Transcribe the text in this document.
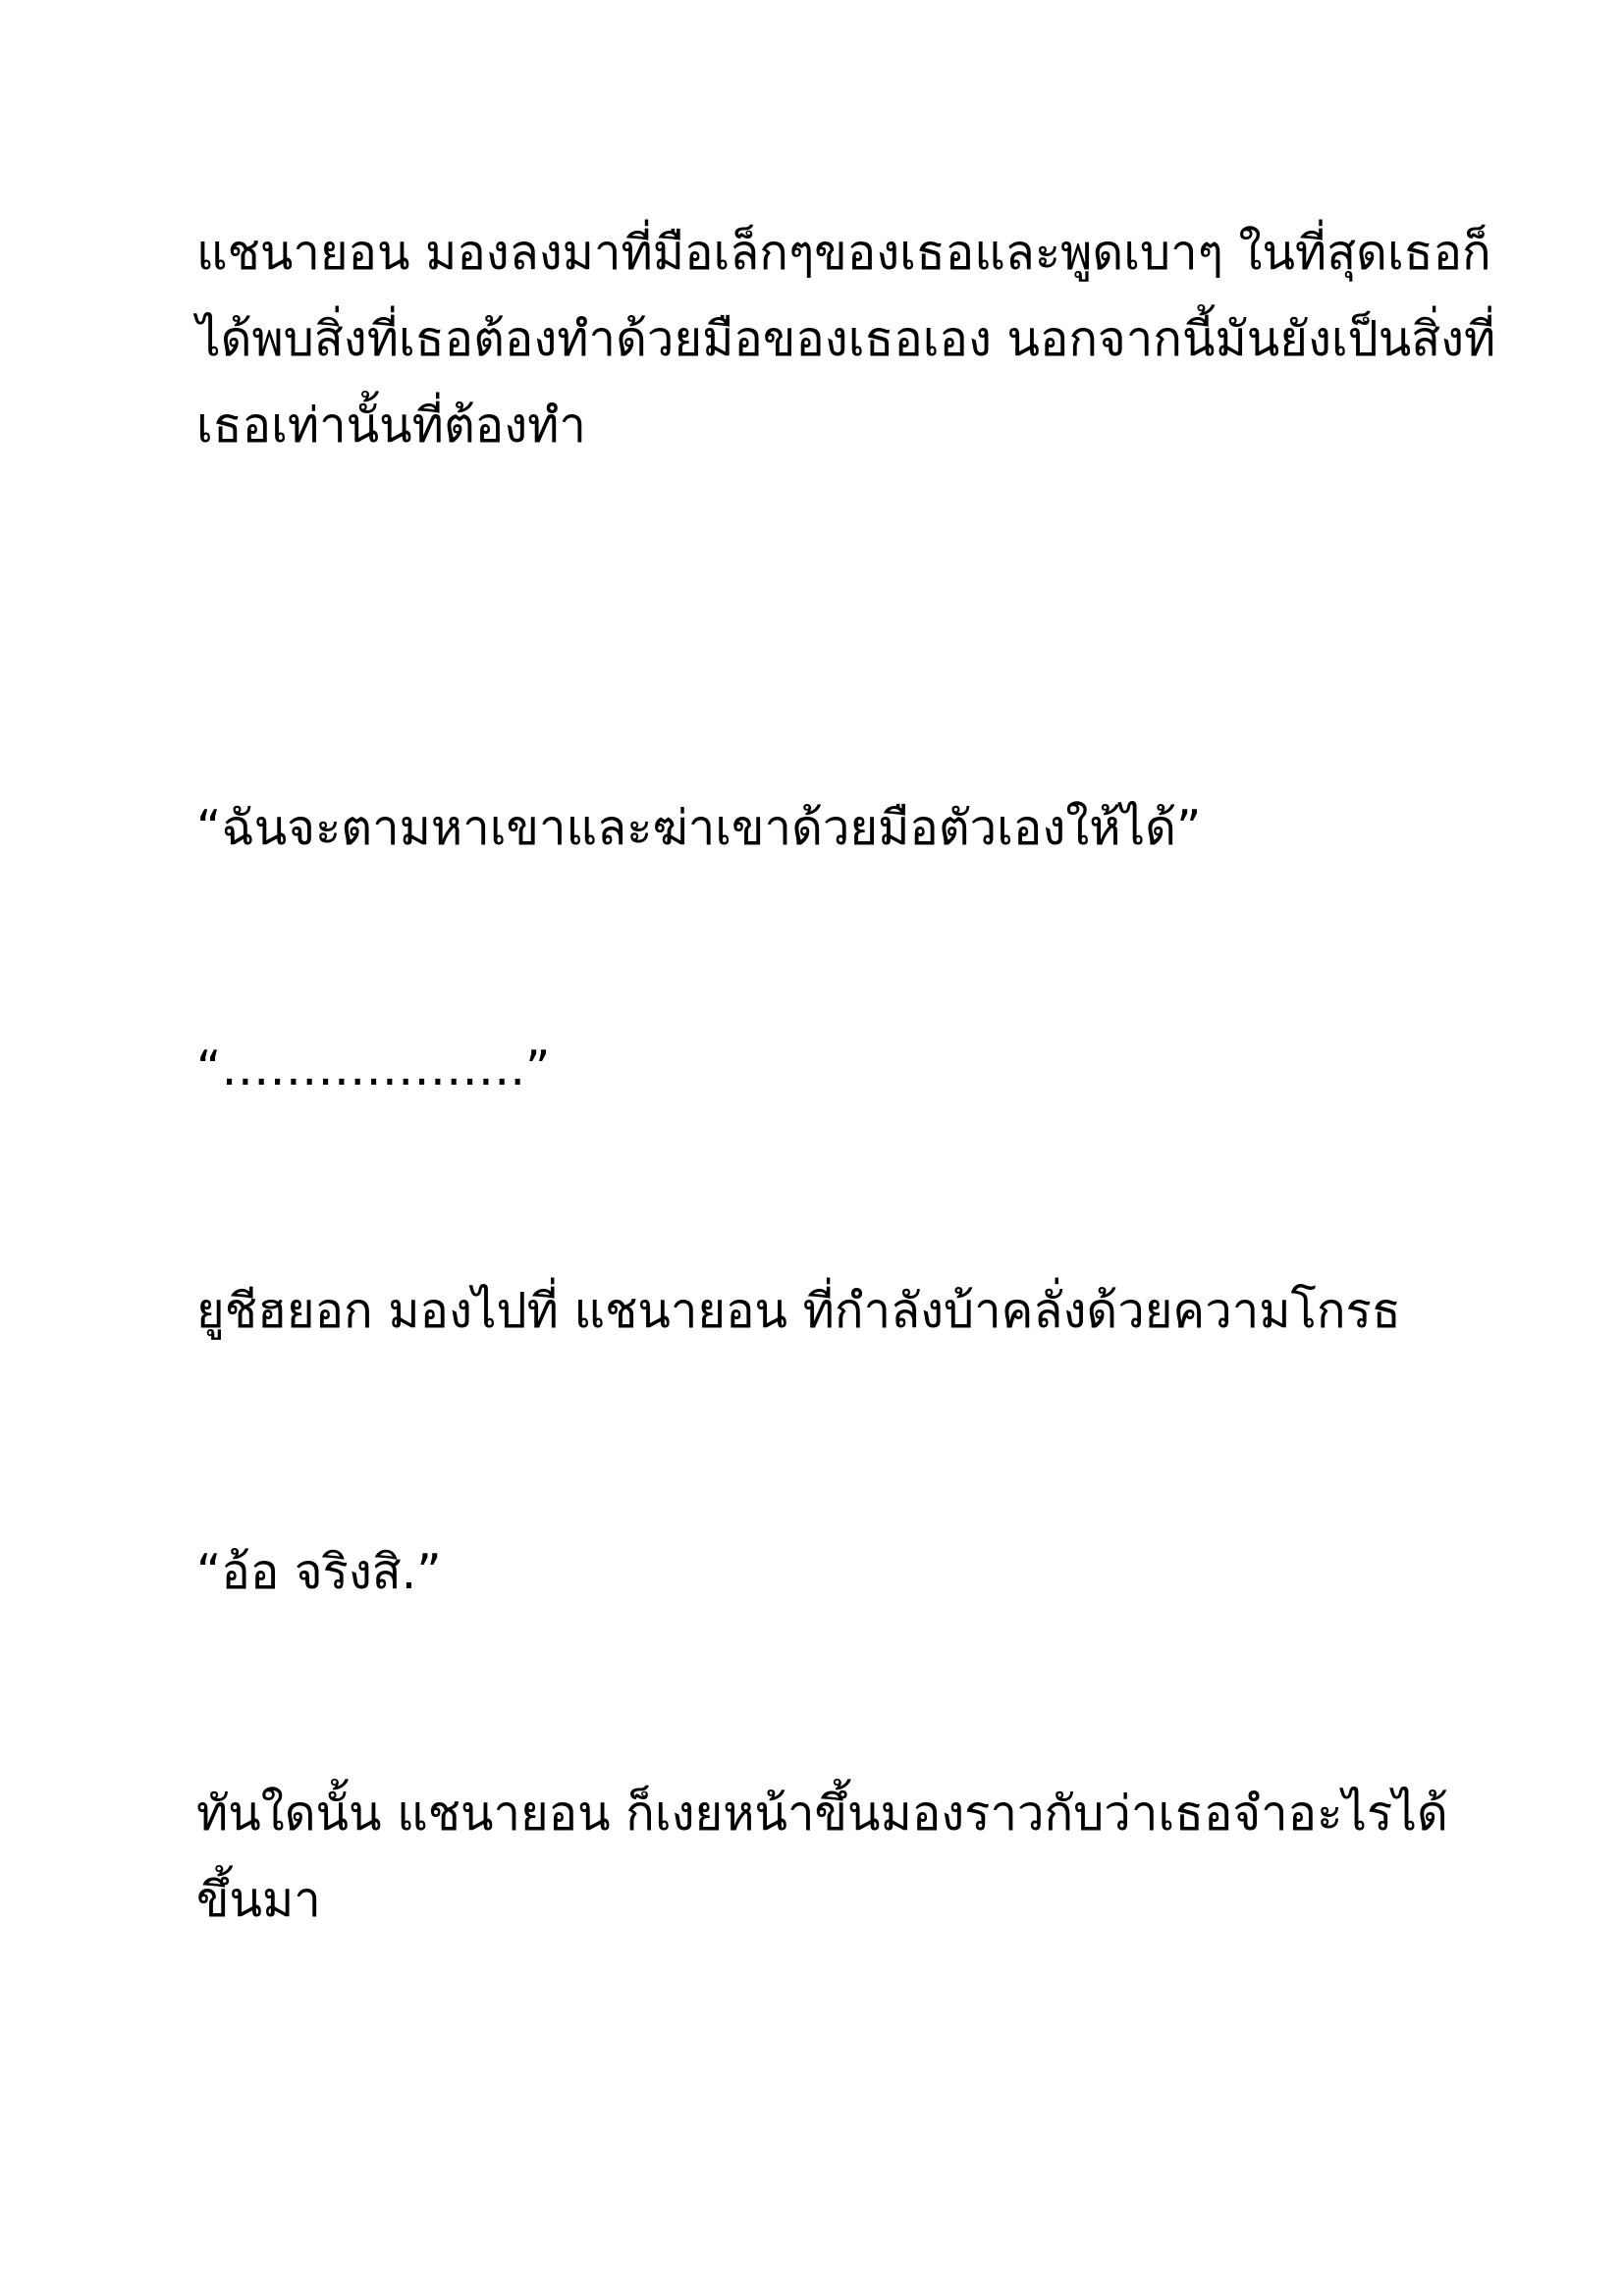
แชนายอน มองลงมาที่มือเล็กๆของเธอและพูดเบาๆ ในที่สุดเธอก็
ได้พบสิ่งที่เธอต้องทำด้วยมือของเธอเอง นอกจากนี้มันยังเป็นสิ่งที่
เธอเท่านั้นที่ต้องทำ

“ฉันจะตามหาเขาและฆ่าเขาด้วยมือตัวเองให้ได้”

“……………….”

ยูชีฮยอก มองไปที่ แชนายอน ที่กำลังบ้าคลั่งด้วยความโกรธ

“อ้อ จริงสิ.”

ทันใดนั้น แชนายอน ก็เงยหน้าขึ้นมองราวกับว่าเธอจำอะไรได้
ขึ้นมา
